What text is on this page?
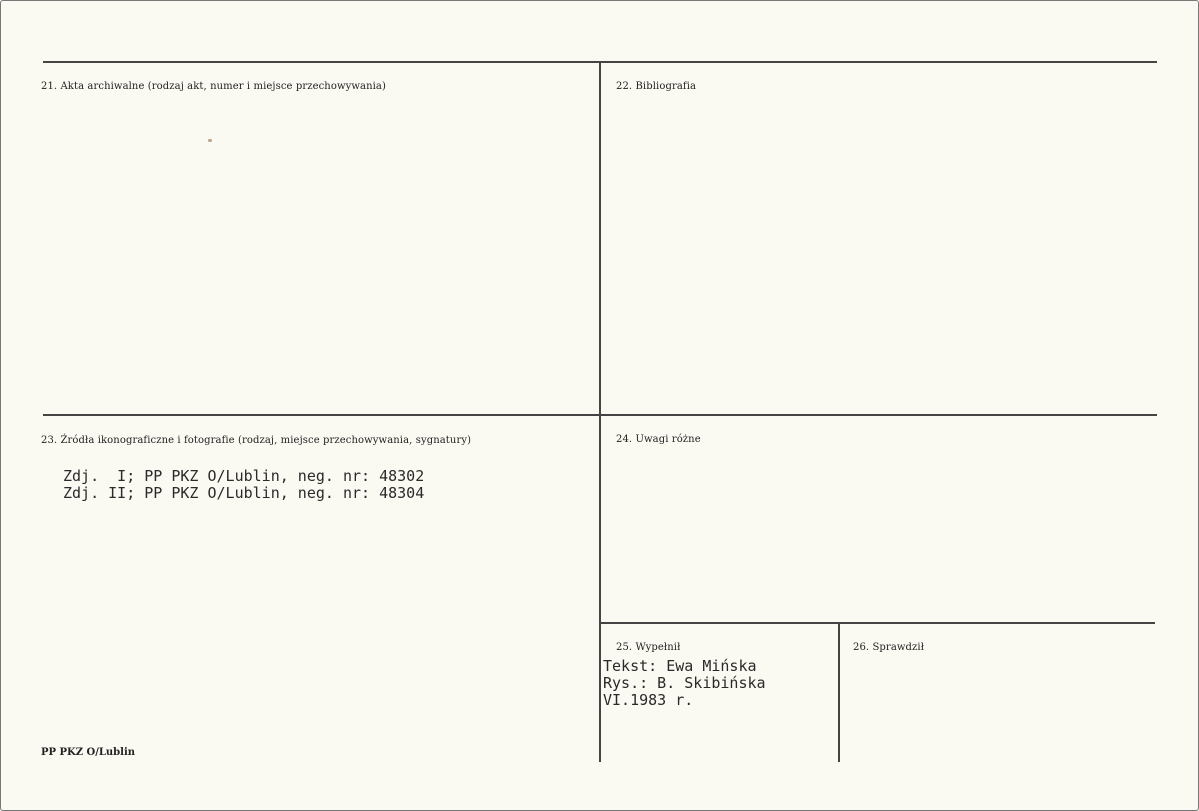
21. Akta archiwalne (rodzaj akt, numer i miejsce przechowywania)	22. Bibliografia
23. Źródła ikonograficzne i fotografie (rodzaj, miejsce przechowywania, sygnatury)
Zdj.  I; PP PKZ O/Lublin, neg. nr: 48302
Zdj. II; PP PKZ O/Lublin, neg. nr: 48304
24. Uwagi różne
25. Wypełnił
Tekst: Ewa Mińska
Rys.: B. Skibińska
VI.1983 r.
26. Sprawdził
PP PKZ O/Lublin
